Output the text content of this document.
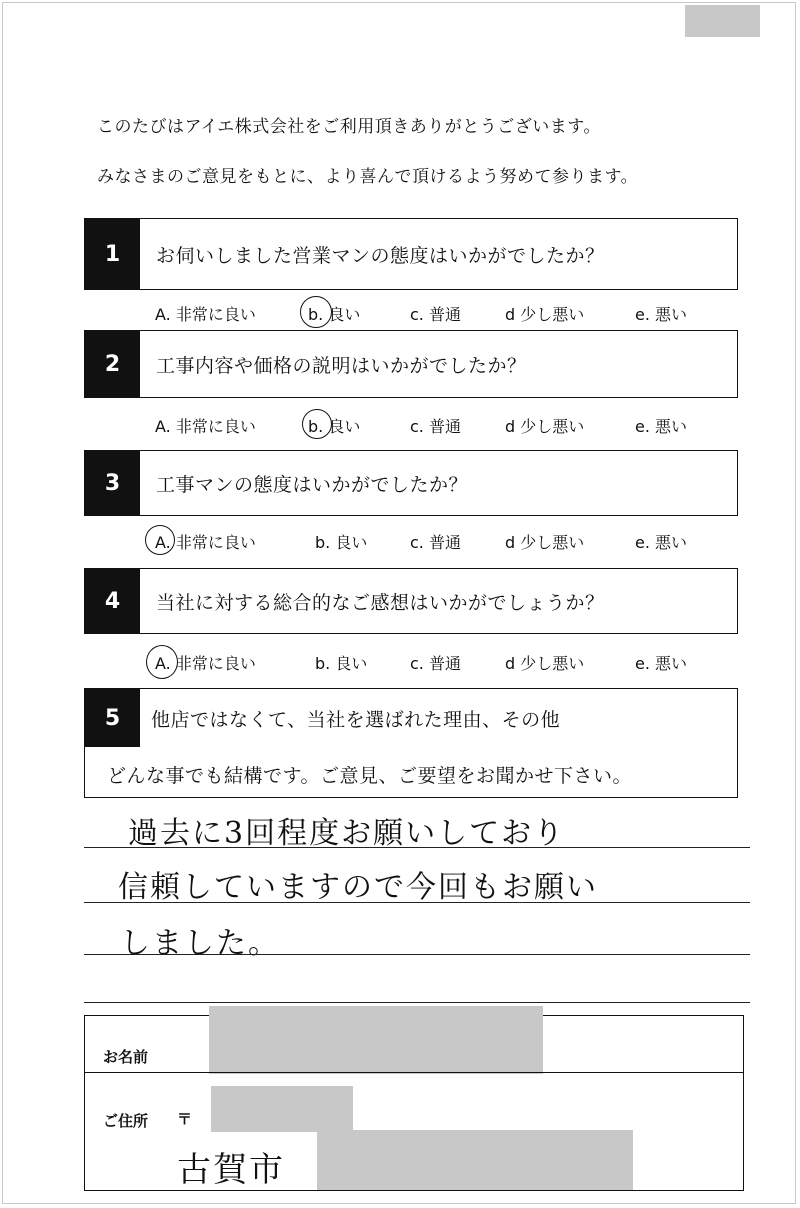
このたびはアイエ株式会社をご利用頂きありがとうございます。
みなさまのご意見をもとに、より喜んで頂けるよう努めて参ります。
1	お伺いしました営業マンの態度はいかがでしたか？
A. 非常に良い	b. 良い	c. 普通	d 少し悪い	e. 悪い
2	工事内容や価格の説明はいかがでしたか？
A. 非常に良い	b. 良い	c. 普通	d 少し悪い	e. 悪い
3	工事マンの態度はいかがでしたか？
A. 非常に良い	b. 良い	c. 普通	d 少し悪い	e. 悪い
4	当社に対する総合的なご感想はいかがでしょうか？
A. 非常に良い	b. 良い	c. 普通	d 少し悪い	e. 悪い
5	他店ではなくて、当社を選ばれた理由、その他
どんな事でも結構です。ご意見、ご要望をお聞かせ下さい。
過去に3回程度お願いしており
信頼していますので今回もお願い
しました。
お名前
ご住所 〒
古賀市
